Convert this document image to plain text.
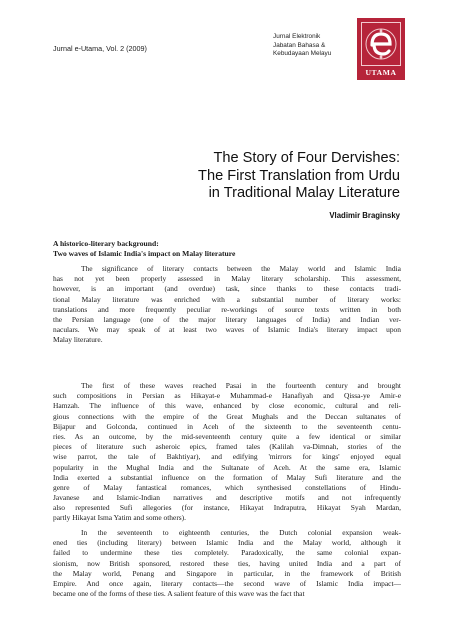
Jurnal e-Utama, Vol. 2 (2009)
Jurnal Elektronik
Jabatan Bahasa &
Kebudayaan Melayu
UTAMA
The Story of Four Dervishes:
The First Translation from Urdu
in Traditional Malay Literature
Vladimir Braginsky
A historico-literary background:
Two waves of Islamic India's impact on Malay literature
The significance of literary contacts between the Malay world and Islamic India
has not yet been properly assessed in Malay literary scholarship. This assessment,
however, is an important (and overdue) task, since thanks to these contacts tradi-
tional Malay literature was enriched with a substantial number of literary works:
translations and more frequently peculiar re-workings of source texts written in both
the Persian language (one of the major literary languages of India) and Indian ver-
naculars. We may speak of at least two waves of Islamic India's literary impact upon
Malay literature.
The first of these waves reached Pasai in the fourteenth century and brought
such compositions in Persian as Hikayat-e Muhammad-e Hanafiyah and Qissa-ye Amir-e
Hamzah. The influence of this wave, enhanced by close economic, cultural and reli-
gious connections with the empire of the Great Mughals and the Deccan sultanates of
Bijapur and Golconda, continued in Aceh of the sixteenth to the seventeenth centu-
ries. As an outcome, by the mid-seventeenth century quite a few identical or similar
pieces of literature such asheroic epics, framed tales (Kalilah va-Dimnah, stories of the
wise parrot, the tale of Bakhtiyar), and edifying 'mirrors for kings' enjoyed equal
popularity in the Mughal India and the Sultanate of Aceh. At the same era, Islamic
India exerted a substantial influence on the formation of Malay Sufi literature and the
genre of Malay fantastical romances, which synthesised constellations of Hindu-
Javanese and Islamic-Indian narratives and descriptive motifs and not infrequently
also represented Sufi allegories (for instance, Hikayat Indraputra, Hikayat Syah Mardan,
partly Hikayat Isma Yatim and some others).
In the seventeenth to eighteenth centuries, the Dutch colonial expansion weak-
ened ties (including literary) between Islamic India and the Malay world, although it
failed to undermine these ties completely. Paradoxically, the same colonial expan-
sionism, now British sponsored, restored these ties, having united India and a part of
the Malay world, Penang and Singapore in particular, in the framework of British
Empire. And once again, literary contacts—the second wave of Islamic India impact—
became one of the forms of these ties. A salient feature of this wave was the fact that
